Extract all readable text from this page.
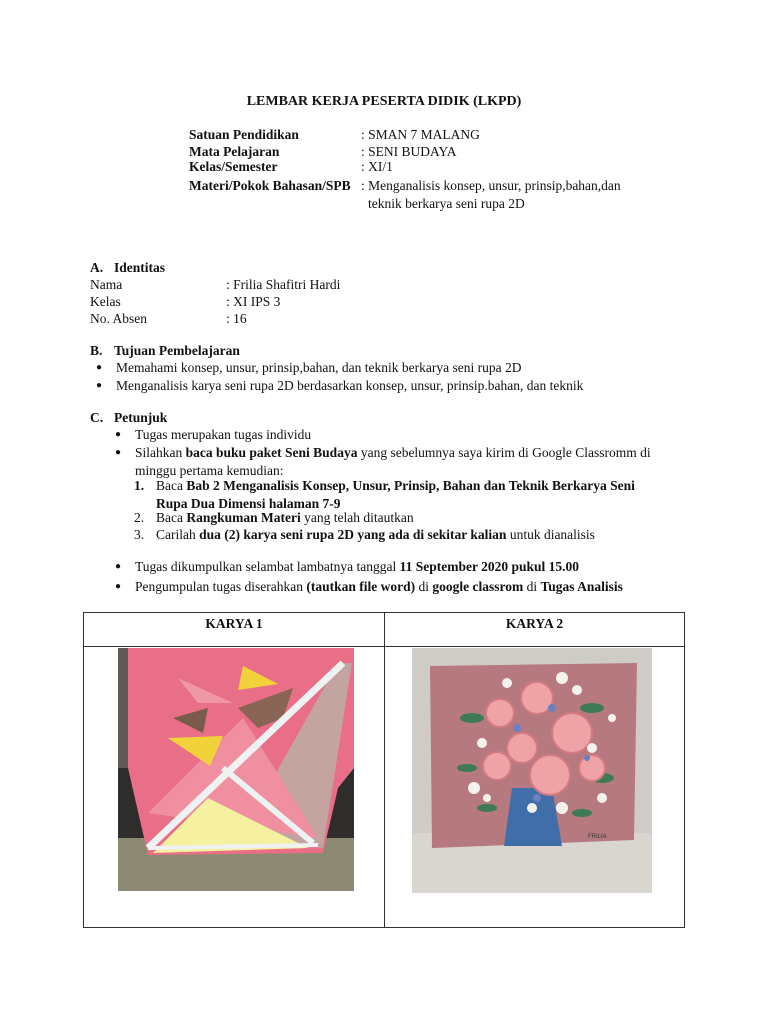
LEMBAR KERJA PESERTA DIDIK (LKPD)
Satuan Pendidikan	: SMAN 7 MALANG
Mata Pelajaran	: SENI BUDAYA
Kelas/Semester	: XI/1
Materi/Pokok Bahasan/SPB : Menganalisis konsep, unsur, prinsip,bahan,dan
teknik berkarya seni rupa 2D
A. Identitas
Nama	: Frilia Shafitri Hardi
Kelas	: XI IPS 3
No. Absen	: 16
B. Tujuan Pembelajaran
●	Memahami konsep, unsur, prinsip,bahan, dan teknik berkarya seni rupa 2D
●	Menganalisis karya seni rupa 2D berdasarkan konsep, unsur, prinsip.bahan, dan teknik
C. Petunjuk
●	Tugas merupakan tugas individu
●	Silahkan baca buku paket Seni Budaya yang sebelumnya saya kirim di Google Classromm di
minggu pertama kemudian:
1. Baca Bab 2 Menganalisis Konsep, Unsur, Prinsip, Bahan dan Teknik Berkarya Seni
Rupa Dua Dimensi halaman 7-9
2. Baca Rangkuman Materi yang telah ditautkan
3. Carilah dua (2) karya seni rupa 2D yang ada di sekitar kalian untuk dianalisis
●	Tugas dikumpulkan selambat lambatnya tanggal 11 September 2020 pukul 15.00
●	Pengumpulan tugas diserahkan (tautkan file word) di google classrom di Tugas Analisis
KARYA 1	KARYA 2

FRILIA
